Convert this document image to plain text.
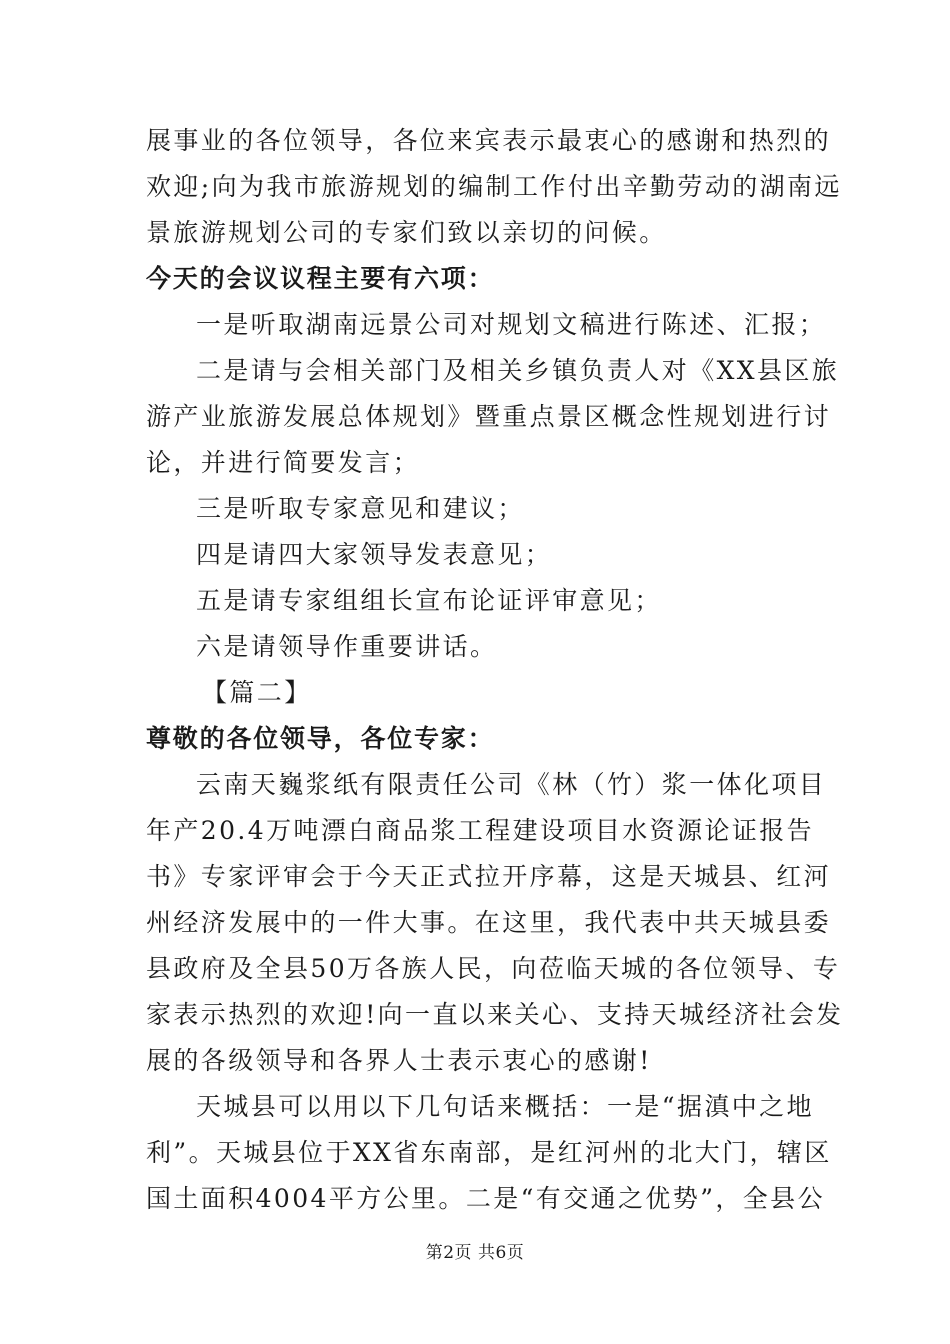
展事业的各位领导，各位来宾表示最衷心的感谢和热烈的
欢迎;向为我市旅游规划的编制工作付出辛勤劳动的湖南远
景旅游规划公司的专家们致以亲切的问候。
今天的会议议程主要有六项：
一是听取湖南远景公司对规划文稿进行陈述、汇报；
二是请与会相关部门及相关乡镇负责人对《XX县区旅
游产业旅游发展总体规划》暨重点景区概念性规划进行讨
论，并进行简要发言；
三是听取专家意见和建议；
四是请四大家领导发表意见；
五是请专家组组长宣布论证评审意见；
六是请领导作重要讲话。
【篇二】
尊敬的各位领导，各位专家：
云南天巍浆纸有限责任公司《林（竹）浆一体化项目
年产20.4万吨漂白商品浆工程建设项目水资源论证报告
书》专家评审会于今天正式拉开序幕，这是天城县、红河
州经济发展中的一件大事。在这里，我代表中共天城县委
县政府及全县50万各族人民，向莅临天城的各位领导、专
家表示热烈的欢迎!向一直以来关心、支持天城经济社会发
展的各级领导和各界人士表示衷心的感谢!
天城县可以用以下几句话来概括：一是“据滇中之地
利”。天城县位于XX省东南部，是红河州的北大门，辖区
国土面积4004平方公里。二是“有交通之优势”，全县公
第2页 共6页
